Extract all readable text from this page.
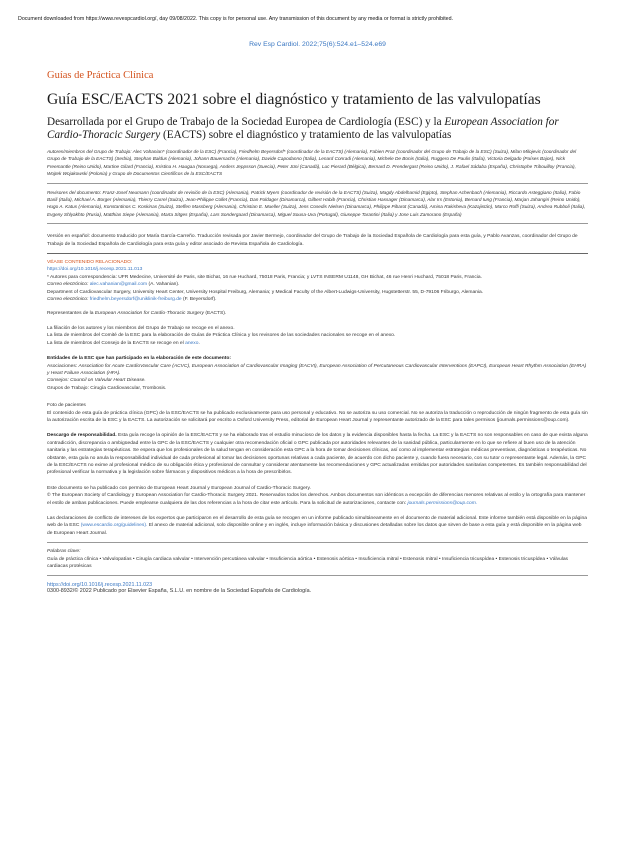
Document downloaded from https://www.revespcardiol.org/, day 09/08/2022. This copy is for personal use. Any transmission of this document by any media or format is strictly prohibited.
Rev Esp Cardiol. 2022;75(6):524.e1–524.e69
Guías de Práctica Clínica
Guía ESC/EACTS 2021 sobre el diagnóstico y tratamiento de las valvulopatías
Desarrollada por el Grupo de Trabajo de la Sociedad Europea de Cardiología (ESC) y la European Association for Cardio-Thoracic Surgery (EACTS) sobre el diagnóstico y tratamiento de las valvulopatías

Autores/miembros del Grupo de Trabajo: Alec Vahanian* (coordinador de la ESC) (Francia), Friedhelm Beyersdorf* (coordinador de la EACTS) (Alemania), Fabien Praz (coordinador del Grupo de Trabajo de la ESC) (Suiza), Milan Milojevic (coordinador del Grupo de Trabajo de la EACTS) (Serbia), Stephan Baldus (Alemania), Johann Bauersachs (Alemania), Davide Capodanno (Italia), Lenard Conradi (Alemania), Michele De Bonis (Italia), Ruggero De Paulis (Italia), Victoria Delgado (Países Bajos), Nick Freemantle (Reino Unido), Martine Gilard (Francia), Kristina H. Haugaa (Noruega), Anders Jeppsson (Suecia), Peter Jüni (Canadá), Luc Pierard (Bélgica), Bernard D. Prendergast (Reino Unido), J. Rafael Sádaba (España), Christophe Tribouilloy (Francia), Wojtek Wojakowski (Polonia) y Grupo de Documentos Científicos de la ESC/EACTS

Revisores del documento: Franz-Josef Neumann (coordinador de revisión de la ESC) (Alemania), Patrick Myers (coordinador de revisión de la EACTS) (Suiza), Magdy Abdelhamid (Egipto), Stephan Achenbach (Alemania), Riccardo Asteggiano (Italia), Fabio Barili (Italia), Michael A. Borger (Alemania), Thierry Carrel (Suiza), Jean-Philippe Collet (Francia), Dan Foldager (Dinamarca), Gilbert Habib (Francia), Christian Hassager (Dinamarca), Alar Irs (Estonia), Bernard Iung (Francia), Marjan Jahangiri (Reino Unido), Hugo A. Katus (Alemania), Konstantinos C. Koskinas (Suiza), Steffen Massberg (Alemania), Christian E. Mueller (Suiza), Jens Cosedis Nielsen (Dinamarca), Philippe Pibarot (Canadá), Amina Rakisheva (Kazajistán), Marco Roffi (Suiza), Andrea Rubboli (Italia), Evgeny Shlyakhto (Rusia), Matthias Siepe (Alemania), Marta Sitges (España), Lars Sondergaard (Dinamarca), Miguel Sousa-Uva (Portugal), Giuseppe Tarantini (Italia) y Jose Luis Zamorano (España)

Versión en español: documento traducido por María García-Carreño. Traducción revisada por Javier Bermejo, coordinador del Grupo de Trabajo de la Sociedad Española de Cardiología para esta guía, y Pablo Avanzas, coordinador del Grupo de Trabajo de la Sociedad Española de Cardiología para esta guía y editor asociado de Revista Española de Cardiología.

VÉASE CONTENIDO RELACIONADO:

https://doi.org/10.1016/j.recesp.2021.11.013

* Autores para correspondencia: UFR Medecine, Université de Paris, site Bichat, 16 rue Huchard, 75018 Paris, Francia; y LVTS INSERM U1148, GH Bichat, 46 rue Henri Huchard, 75018 Paris, Francia.

Correo electrónico: alec.vahanian@gmail.com (A. Vahanian).

Department of Cardiovascular Surgery, University Heart Center, University Hospital Freiburg, Alemania; y Medical Faculty of the Albert-Ludwigs-University, Hugstetterstr. 55, D-79106 Friburgo, Alemania.

Correo electrónico: friedhelm.beyersdorf@uniklinik-freiburg.de (F. Beyersdorf).

Representantes de la European Association for Cardio-Thoracic Surgery (EACTS).

La filiación de los autores y los miembros del Grupo de Trabajo se recoge en el anexo.

La lista de miembros del Comité de la ESC para la elaboración de Guías de Práctica Clínica y los revisores de las sociedades nacionales se recoge en el anexo.

La lista de miembros del Consejo de la EACTS se recoge en el anexo.

Entidades de la ESC que han participado en la elaboración de este documento:

Asociaciones: Association for Acute CardioVascular Care (ACVC), European Association of Cardiovascular Imaging (EACVI), European Association of Percutaneous Cardiovascular Interventions (EAPCI), European Heart Rhythm Association (EHRA) y Heart Failure Association (HFA).

Consejos: Council on Valvular Heart Disease.

Grupos de Trabajo: Cirugía Cardiovascular, Trombosis.

Foto de pacientes

El contenido de esta guía de práctica clínica (GPC) de la ESC/EACTS se ha publicado exclusivamente para uso personal y educativo. No se autoriza su uso comercial. No se autoriza la traducción o reproducción de ningún fragmento de esta guía sin la autorización escrita de la ESC y la EACTS. La autorización se solicitará por escrito a Oxford University Press, editorial de European Heart Journal y representante autorizado de la ESC para tales permisos (journals.permissions@oup.com).

Descargo de responsabilidad. Esta guía recoge la opinión de la ESC/EACTS y se ha elaborado tras el estudio minucioso de los datos y la evidencia disponibles hasta la fecha. La ESC y la EACTS no son responsables en caso de que exista alguna contradicción, discrepancia o ambigüedad entre la GPC de la ESC/EACTS y cualquier otra recomendación oficial o GPC publicada por autoridades relevantes de la sanidad pública, particularmente en lo que se refiere al buen uso de la atención sanitaria y las estrategias terapéuticas. Se espera que los profesionales de la salud tengan en consideración esta GPC a la hora de tomar decisiones clínicas, así como al implementar estrategias médicas preventivas, diagnósticas o terapéuticas. No obstante, esta guía no anula la responsabilidad individual de cada profesional al tomar las decisiones oportunas relativas a cada paciente, de acuerdo con dicho paciente y, cuando fuera necesario, con su tutor o representante legal. Además, la GPC de la ESC/EACTS no exime al profesional médico de su obligación ética y profesional de consultar y considerar atentamente las recomendaciones y GPC actualizadas emitidas por autoridades sanitarias competentes. Es también responsabilidad del profesional verificar la normativa y la legislación sobre fármacos y dispositivos médicos a la hora de prescribirlos.

Este documento se ha publicado con permiso de European Heart Journal y European Journal of Cardio-Thoracic Surgery.

© The European Society of Cardiology y European Association for Cardio-Thoracic Surgery 2021. Reservados todos los derechos. Ambos documentos son idénticos a excepción de diferencias menores relativas al estilo y la ortografía para mantener el estilo de ambas publicaciones. Puede emplearse cualquiera de las dos referencias a la hora de citar este artículo. Para la solicitud de autorizaciones, contacte con: journals.permissions@oup.com.

Las declaraciones de conflicto de intereses de los expertos que participaron en el desarrollo de esta guía se recogen en un informe publicado simultáneamente en el documento de material adicional. Este informe también está disponible en la página web de la ESC (www.escardio.org/guidelines). El anexo de material adicional, solo disponible online y en inglés, incluye información básica y discusiones detalladas sobre los datos que sirven de base a esta guía y está disponible en la página web de European Heart Journal.

Palabras clave:

Guía de práctica clínica • Valvulopatías • Cirugía cardiaca valvular • Intervención percutánea valvular • Insuficiencia aórtica • Estenosis aórtica • Insuficiencia mitral • Estenosis mitral • Insuficiencia tricuspídea • Estenosis tricuspídea • Válvulas cardiacas protésicas

https://doi.org/10.1016/j.recesp.2021.11.023
0300-8932/© 2022 Publicado por Elsevier España, S.L.U. en nombre de la Sociedad Española de Cardiología.
